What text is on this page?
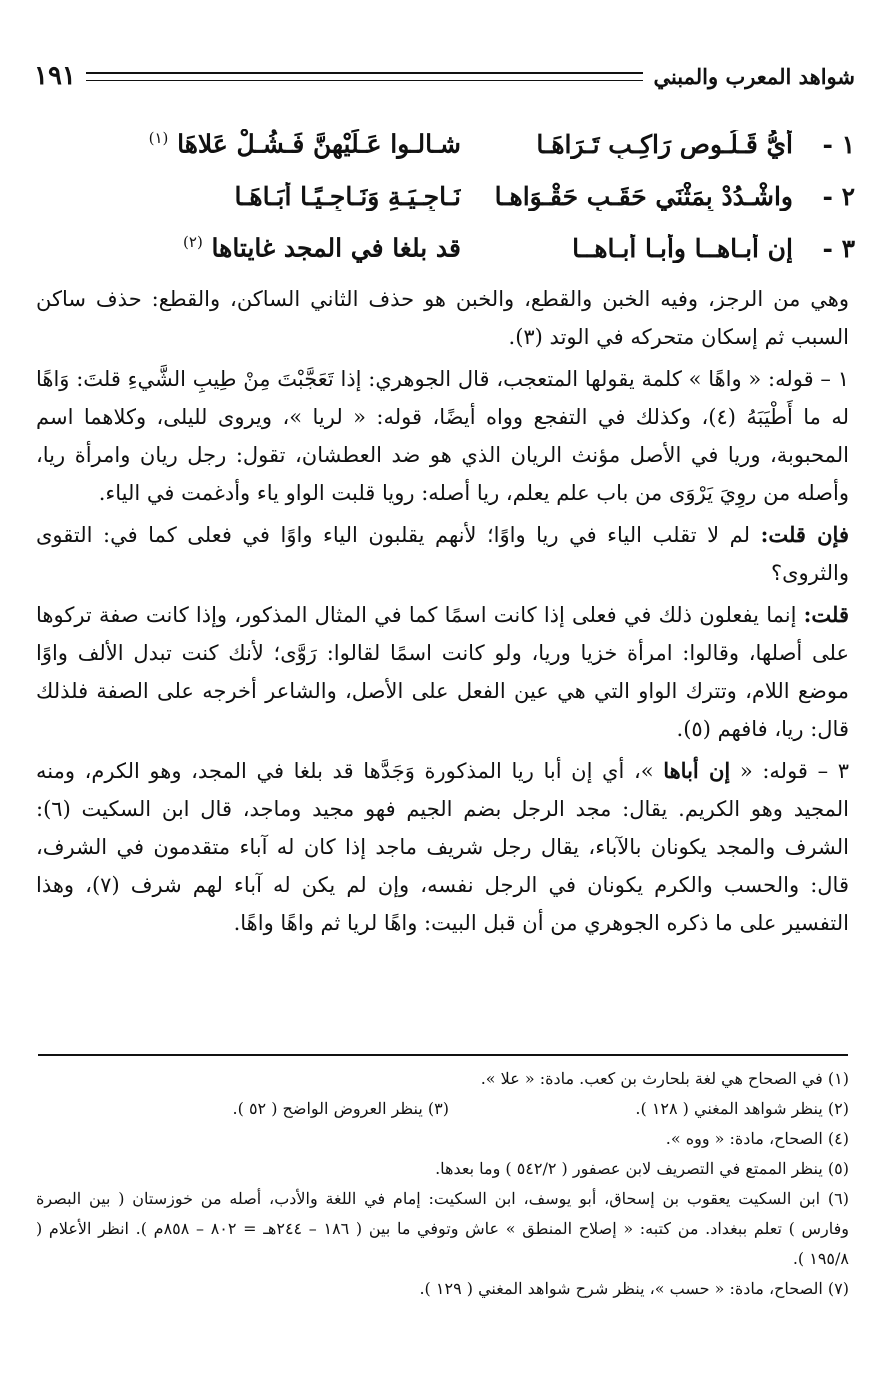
شواهد المعرب والمبني
١٩١
١ -
أَيُّ قَـلُـوص رَاكِـبِ تَـرَاهَـا
شـالـوا عَـلَيْهِنَّ فَـشُـلْ عَلاهَا $^{(١)}$
٢ -
واشْـدُدْ بِمَثْنَي حَقَـبٍ حَقْـوَاهـا
نَـاجِـيَـةِ وَنَـاجِـيًـا أَبَـاهَـا
٣ -
إن أبـاهــا وأبـا أبـاهــا
قد بلغا في المجد غايتاها $^{(٢)}$

وهي من الرجز، وفيه الخبن والقطع، والخبن هو حذف الثاني الساكن، والقطع: حذف ساكن السبب ثم إسكان متحركه في الوتد (٣).

١ – قوله: « واهًا » كلمة يقولها المتعجب، قال الجوهري: إذا تَعَجَّبْتَ مِنْ طِيبِ الشَّيءِ قلتَ: وَاهًا له ما أَطْيَبَهُ (٤)، وكذلك في التفجع وواه أيضًا، قوله: « لريا »، ويروى لليلى، وكلاهما اسم المحبوبة، وريا في الأصل مؤنث الريان الذي هو ضد العطشان، تقول: رجل ريان وامرأة ريا، وأصله من روِيَ يَرْوَى من باب علم يعلم، ريا أصله: رويا قلبت الواو ياء وأدغمت في الياء.

فإن قلت: لم لا تقلب الياء في ريا واوًا؛ لأنهم يقلبون الياء واوًا في فعلى كما في: التقوى والثروى؟

قلت: إنما يفعلون ذلك في فعلى إذا كانت اسمًا كما في المثال المذكور، وإذا كانت صفة تركوها على أصلها، وقالوا: امرأة خزيا وريا، ولو كانت اسمًا لقالوا: رَوَّى؛ لأنك كنت تبدل الألف واوًا موضع اللام، وتترك الواو التي هي عين الفعل على الأصل، والشاعر أخرجه على الصفة فلذلك قال: ريا، فافهم (٥).

٣ – قوله: « إن أباها »، أي إن أبا ريا المذكورة وَجَدَّها قد بلغا في المجد، وهو الكرم، ومنه المجيد وهو الكريم. يقال: مجد الرجل بضم الجيم فهو مجيد وماجد، قال ابن السكيت (٦): الشرف والمجد يكونان بالآباء، يقال رجل شريف ماجد إذا كان له آباء متقدمون في الشرف، قال: والحسب والكرم يكونان في الرجل نفسه، وإن لم يكن له آباء لهم شرف (٧)، وهذا التفسير على ما ذكره الجوهري من أن قبل البيت: واهًا لريا ثم واهًا واهًا.

(١) في الصحاح هي لغة بلحارث بن كعب. مادة: « علا ».
(٢) ينظر شواهد المغني ( ١٢٨ ).
(٣) ينظر العروض الواضح ( ٥٢ ).
(٤) الصحاح، مادة: « ووه ».
(٥) ينظر الممتع في التصريف لابن عصفور ( ٥٤٢/٢ ) وما بعدها.
(٦) ابن السكيت يعقوب بن إسحاق، أبو يوسف، ابن السكيت: إمام في اللغة والأدب، أصله من خوزستان ( بين البصرة وفارس ) تعلم ببغداد. من كتبه: « إصلاح المنطق » عاش وتوفي ما بين ( ١٨٦ – ٢٤٤هـ = ٨٠٢ – ٨٥٨م ). انظر الأعلام ( ١٩٥/٨ ).
(٧) الصحاح، مادة: « حسب »، ينظر شرح شواهد المغني ( ١٢٩ ).
